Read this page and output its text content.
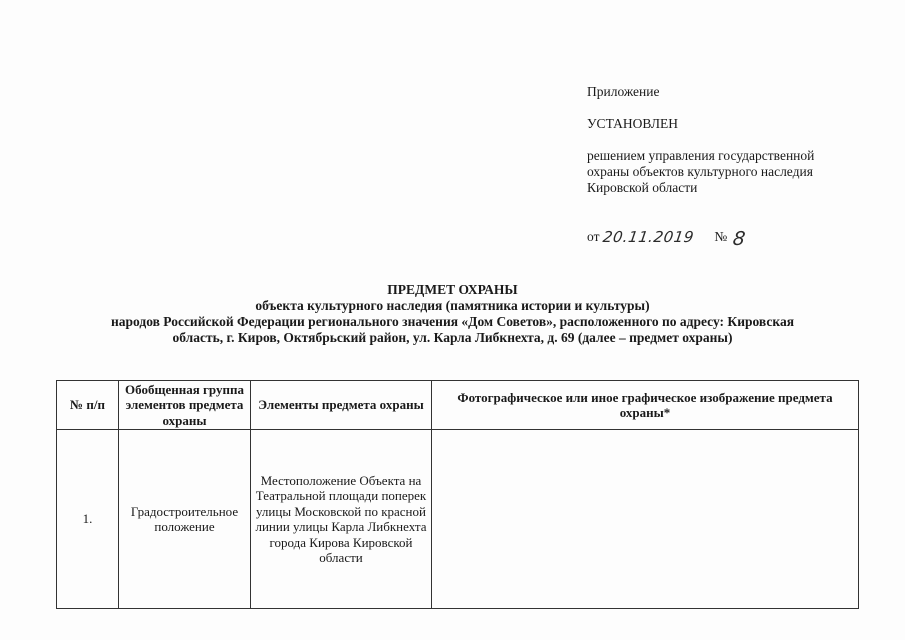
Приложение
УСТАНОВЛЕН
решением управления государственной охраны объектов культурного наследия Кировской области
от 20.11.2019 № 8
ПРЕДМЕТ ОХРАНЫ
объекта культурного наследия (памятника истории и культуры)
народов Российской Федерации регионального значения «Дом Советов», расположенного по адресу: Кировская
область, г. Киров, Октябрьский район, ул. Карла Либкнехта, д. 69 (далее – предмет охраны)
№ п/п	Обобщенная группа элементов предмета охраны	Элементы предмета охраны	Фотографическое или иное графическое изображение предмета охраны*
1.	Градостроительное положение	Местоположение Объекта на Театральной площади поперек улицы Московской по красной линии улицы Карла Либкнехта города Кирова Кировской области	
